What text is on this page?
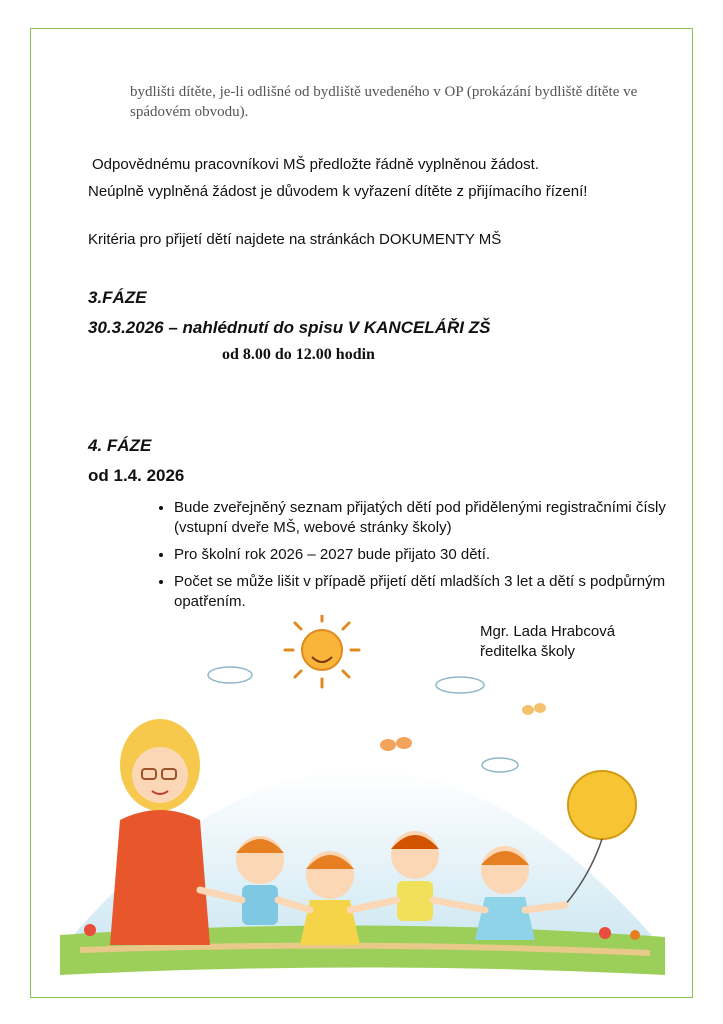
bydlišti dítěte, je-li odlišné od bydliště uvedeného v OP (prokázání bydliště dítěte ve spádovém obvodu).
Odpovědnému pracovníkovi MŠ předložte řádně vyplněnou žádost.
Neúplně vyplněná žádost je důvodem k vyřazení dítěte z přijímacího řízení!
Kritéria pro přijetí dětí najdete na stránkách DOKUMENTY MŠ
3.FÁZE
30.3.2026 – nahlédnutí do spisu V KANCELÁŘI ZŠ
od 8.00 do 12.00 hodin
4. FÁZE
od 1.4. 2026
• Bude zveřejněný seznam přijatých dětí pod přidělenými registračními čísly (vstupní dveře MŠ, webové stránky školy)
• Pro školní rok 2026 – 2027 bude přijato 30 dětí.
• Počet se může lišit v případě přijetí dětí mladších 3 let a dětí s podpůrným opatřením.
Mgr. Lada Hrabcová
ředitelka školy
